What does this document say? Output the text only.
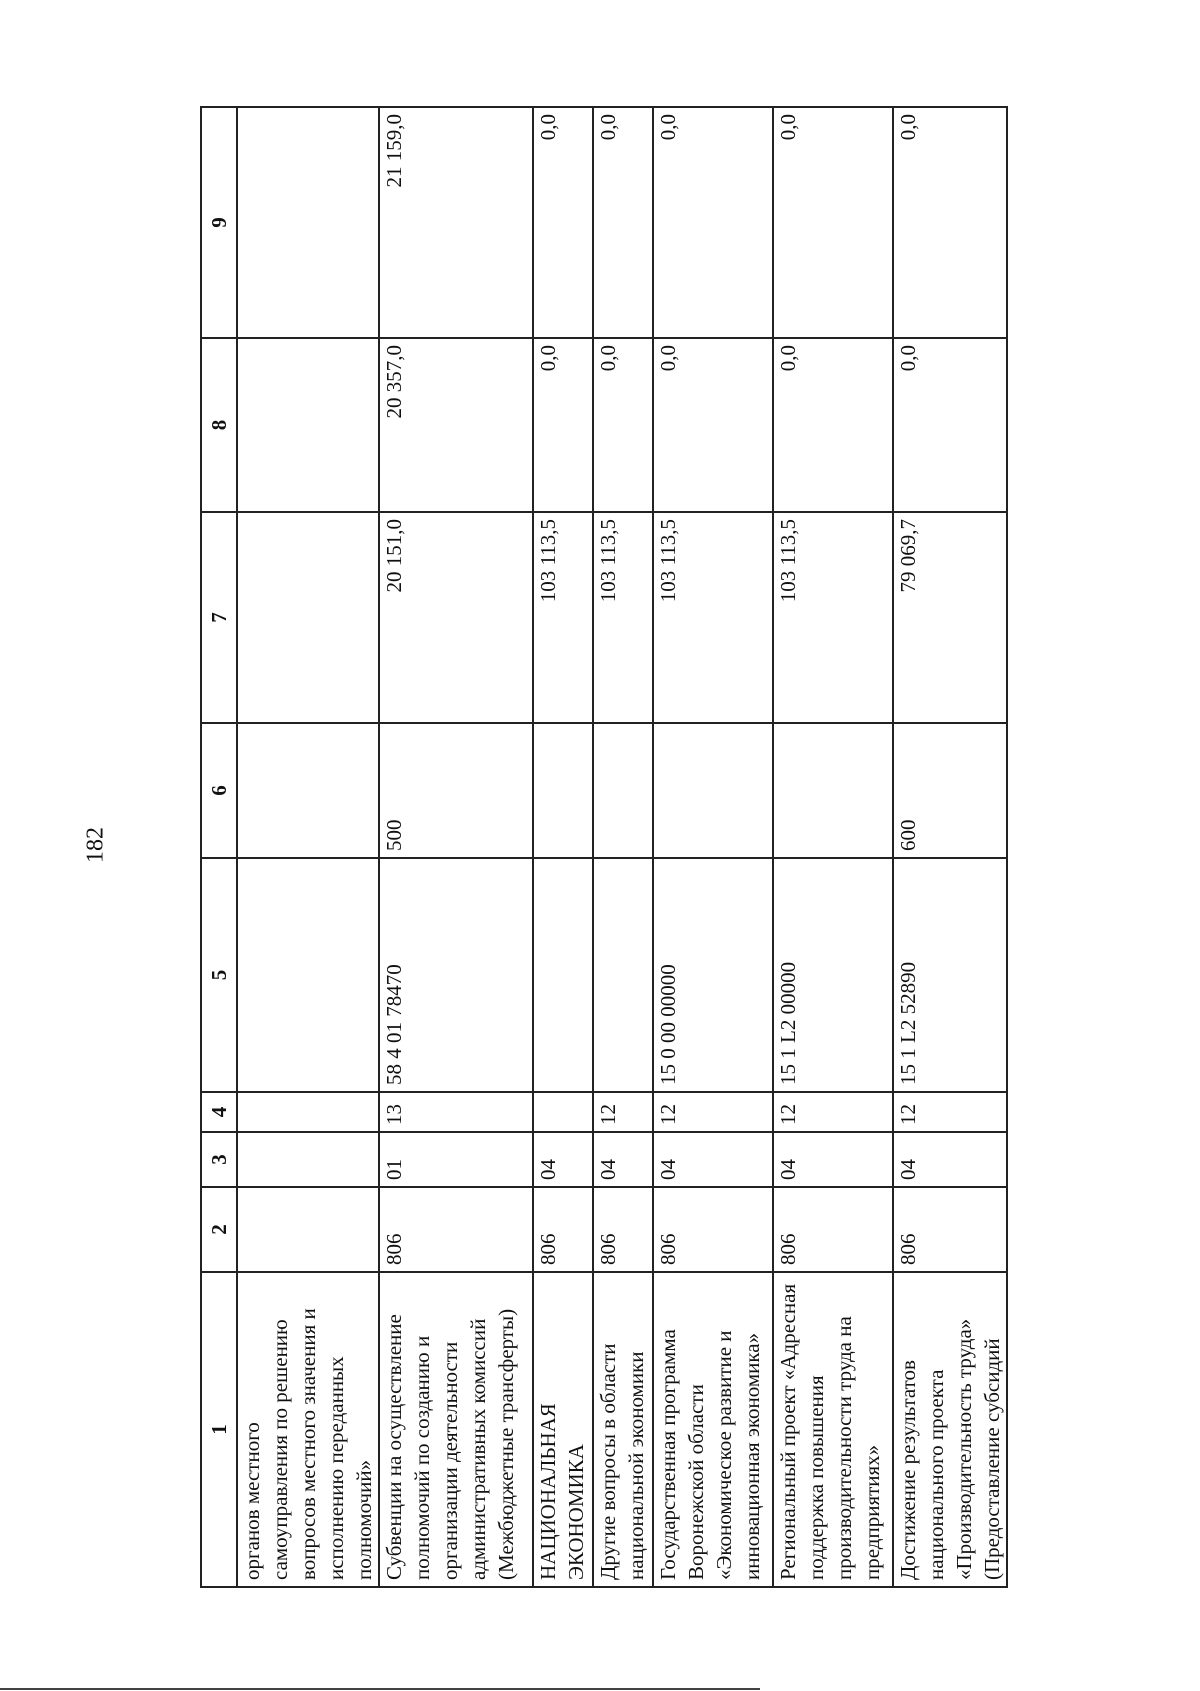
182
1	2	3	4	5	6	7	8	9
органов местного самоуправления по решению вопросов местного значения и исполнению переданных полномочий»								
Субвенции на осуществление полномочий по созданию и организации деятельности административных комиссий (Межбюджетные трансферты)	806	01	13	58 4 01 78470	500	20 151,0	20 357,0	21 159,0
НАЦИОНАЛЬНАЯ ЭКОНОМИКА	806	04				103 113,5	0,0	0,0
Другие вопросы в области национальной экономики	806	04	12			103 113,5	0,0	0,0
Государственная программа Воронежской области «Экономическое развитие и инновационная экономика»	806	04	12	15 0 00 00000		103 113,5	0,0	0,0
Региональный проект «Адресная поддержка повышения производительности труда на предприятиях»	806	04	12	15 1 L2 00000		103 113,5	0,0	0,0
Достижение результатов национального проекта «Производительность труда» (Предоставление субсидий	806	04	12	15 1 L2 52890	600	79 069,7	0,0	0,0
